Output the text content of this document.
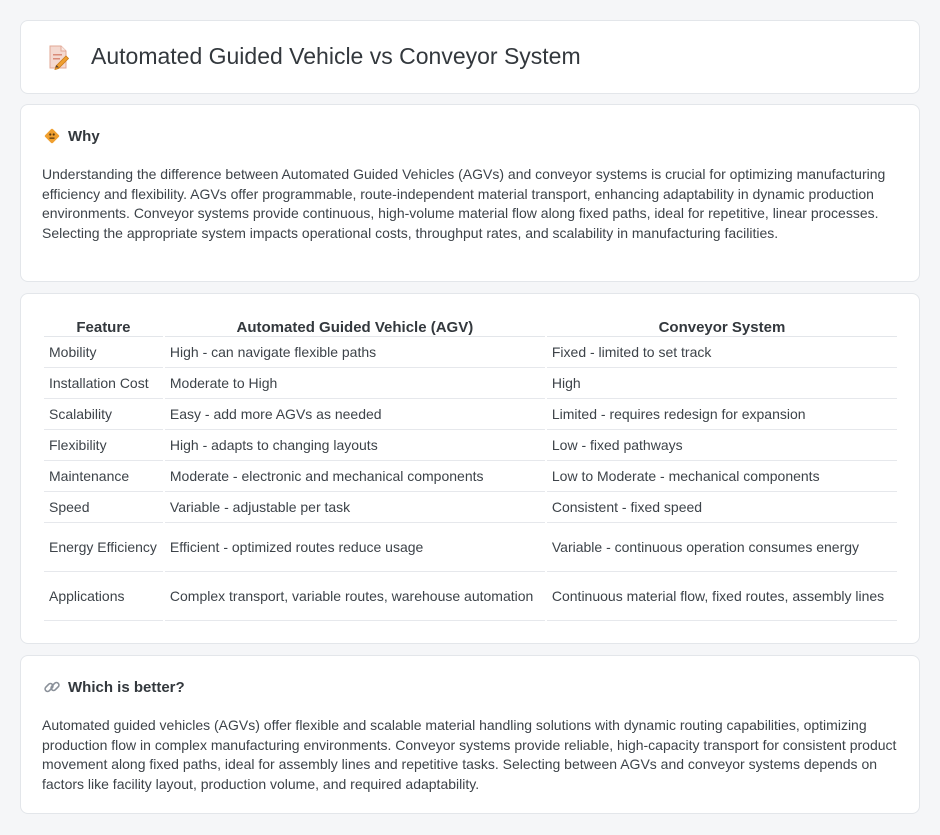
Automated Guided Vehicle vs Conveyor System
Why

Understanding the difference between Automated Guided Vehicles (AGVs) and conveyor systems is crucial for optimizing manufacturing efficiency and flexibility. AGVs offer programmable, route-independent material transport, enhancing adaptability in dynamic production environments. Conveyor systems provide continuous, high-volume material flow along fixed paths, ideal for repetitive, linear processes. Selecting the appropriate system impacts operational costs, throughput rates, and scalability in manufacturing facilities.

Feature	Automated Guided Vehicle (AGV)	Conveyor System
Mobility	High - can navigate flexible paths	Fixed - limited to set track
Installation Cost	Moderate to High	High
Scalability	Easy - add more AGVs as needed	Limited - requires redesign for expansion
Flexibility	High - adapts to changing layouts	Low - fixed pathways
Maintenance	Moderate - electronic and mechanical components	Low to Moderate - mechanical components
Speed	Variable - adjustable per task	Consistent - fixed speed
Energy Efficiency	Efficient - optimized routes reduce usage	Variable - continuous operation consumes energy
Applications	Complex transport, variable routes, warehouse automation	Continuous material flow, fixed routes, assembly lines
Which is better?

Automated guided vehicles (AGVs) offer flexible and scalable material handling solutions with dynamic routing capabilities, optimizing production flow in complex manufacturing environments. Conveyor systems provide reliable, high-capacity transport for consistent product movement along fixed paths, ideal for assembly lines and repetitive tasks. Selecting between AGVs and conveyor systems depends on factors like facility layout, production volume, and required adaptability.
